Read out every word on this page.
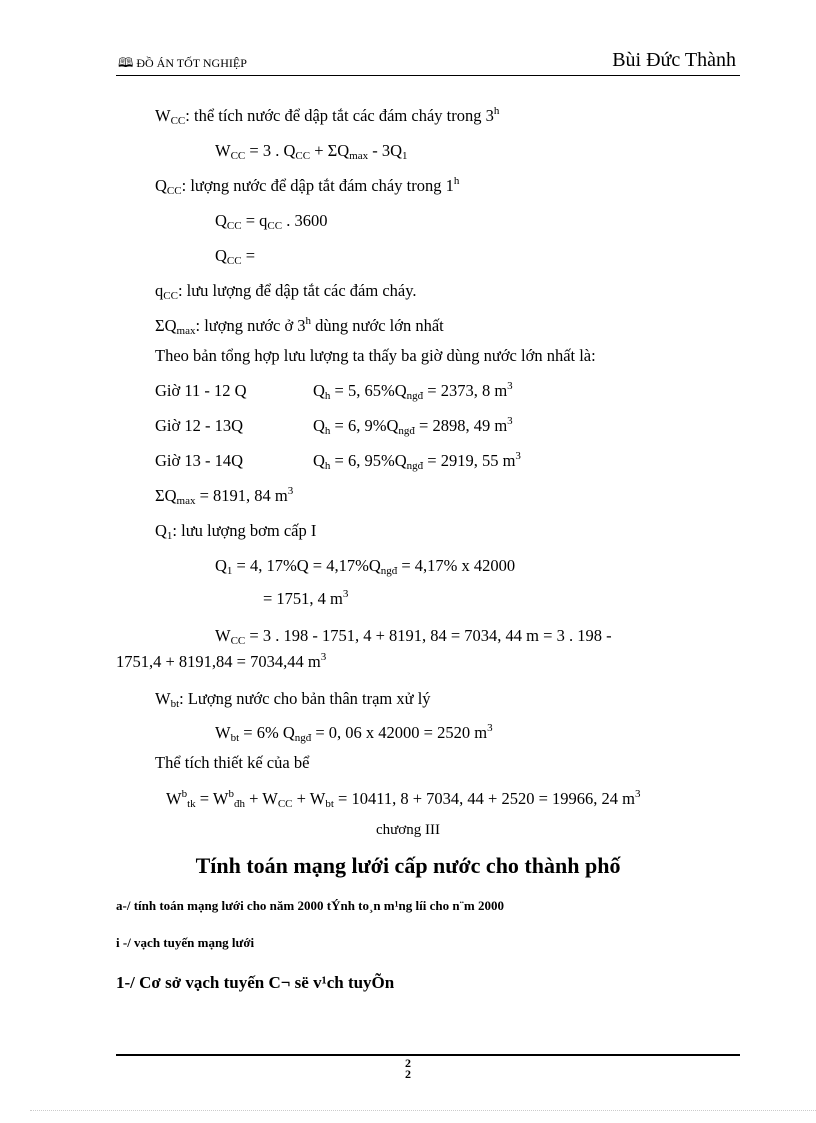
🕮 ĐỒ ÁN TỐT NGHIỆP	Bùi Đức Thành
$W_{CC}$: thể tích nước để dập tắt các đám cháy trong 3$^h$
$W_{CC} = 3$ . $Q_{CC} + \Sigma Q_{max} - 3Q_1$
$Q_{CC}$: lượng nước để dập tắt đám cháy trong 1$^h$
$Q_{CC} = q_{CC}$ . 3600
$Q_{CC}$ =
$q_{CC}$: lưu lượng để dập tắt các đám cháy.
$\Sigma Q_{max}$: lượng nước ở 3$^h$ dùng nước lớn nhất
Theo bản tổng hợp lưu lượng ta thấy ba giờ dùng nước lớn nhất là:
Giờ 11 - 12 Q	$Q_h = 5$, $65\%Q_{ngđ} = 2373$, 8 $m^3$
Giờ 12 - 13Q	$Q_h = 6$, $9\%Q_{ngđ} = 2898$, 49 $m^3$
Giờ 13 - 14Q	$Q_h = 6$, $95\%Q_{ngđ} = 2919$, 55 $m^3$
$\Sigma Q_{max} = 8191$, 84 $m^3$
$Q_1$: lưu lượng bơm cấp I
$Q_1 = 4$, $17\%Q = 4,17\%Q_{ngđ} = 4,17\%$ x 42000
= 1751, 4 $m^3$
$W_{CC} = 3$ . 198 - 1751, 4 + 8191, 84 = 7034, 44 m = 3 . 198 -
1751,4 + 8191,84 = 7034,44 $m^3$
$W_{bt}$: Lượng nước cho bản thân trạm xử lý
$W_{bt} = 6\%$ $Q_{ngđ} = 0$, 06 x 42000 = 2520 $m^3$
Thể tích thiết kế của bể
$W^b_{tk} = W^b_{đh} + W_{CC} + W_{bt} = 10411$, 8 + 7034, 44 + 2520 = 19966, 24 $m^3$
chương III
Tính toán mạng lưới cấp nước cho thành phố
a-/ tính toán mạng lưới cho năm 2000 tÝnh to¸n m¹ng líi cho n¨m 2000
i -/ vạch tuyến mạng lưới
1-/ Cơ sở vạch tuyến C¬ së v¹ch tuyÕn
2
2
